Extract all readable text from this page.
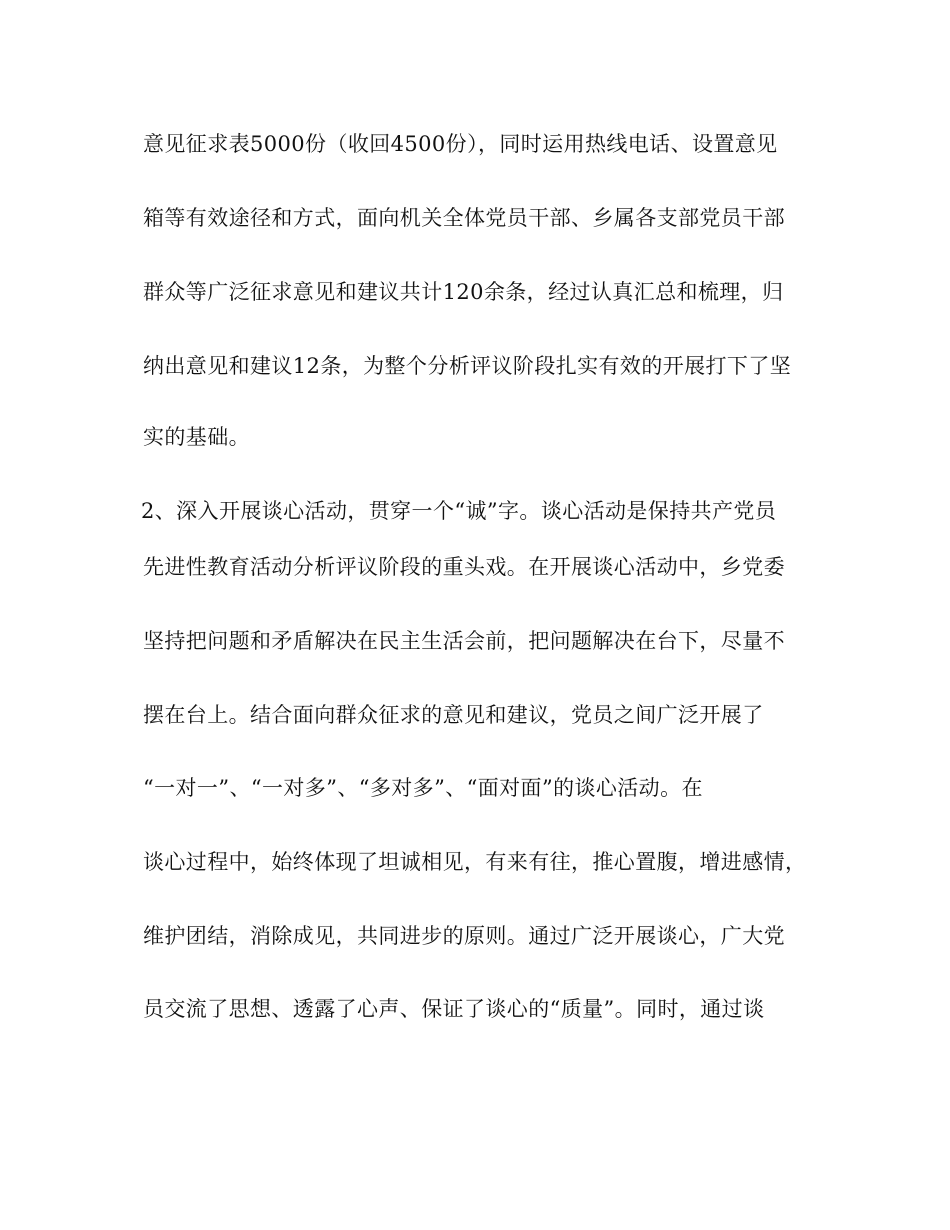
意见征求表5000份（收回4500份），同时运用热线电话、设置意见
箱等有效途径和方式，面向机关全体党员干部、乡属各支部党员干部
群众等广泛征求意见和建议共计120余条，经过认真汇总和梳理，归
纳出意见和建议12条，为整个分析评议阶段扎实有效的开展打下了坚
实的基础。
2、深入开展谈心活动，贯穿一个“诚”字。谈心活动是保持共产党员
先进性教育活动分析评议阶段的重头戏。在开展谈心活动中，乡党委
坚持把问题和矛盾解决在民主生活会前，把问题解决在台下，尽量不
摆在台上。结合面向群众征求的意见和建议，党员之间广泛开展了
“一对一”、“一对多”、“多对多”、“面对面”的谈心活动。在
谈心过程中，始终体现了坦诚相见，有来有往，推心置腹，增进感情，
维护团结，消除成见，共同进步的原则。通过广泛开展谈心，广大党
员交流了思想、透露了心声、保证了谈心的“质量”。同时，通过谈
